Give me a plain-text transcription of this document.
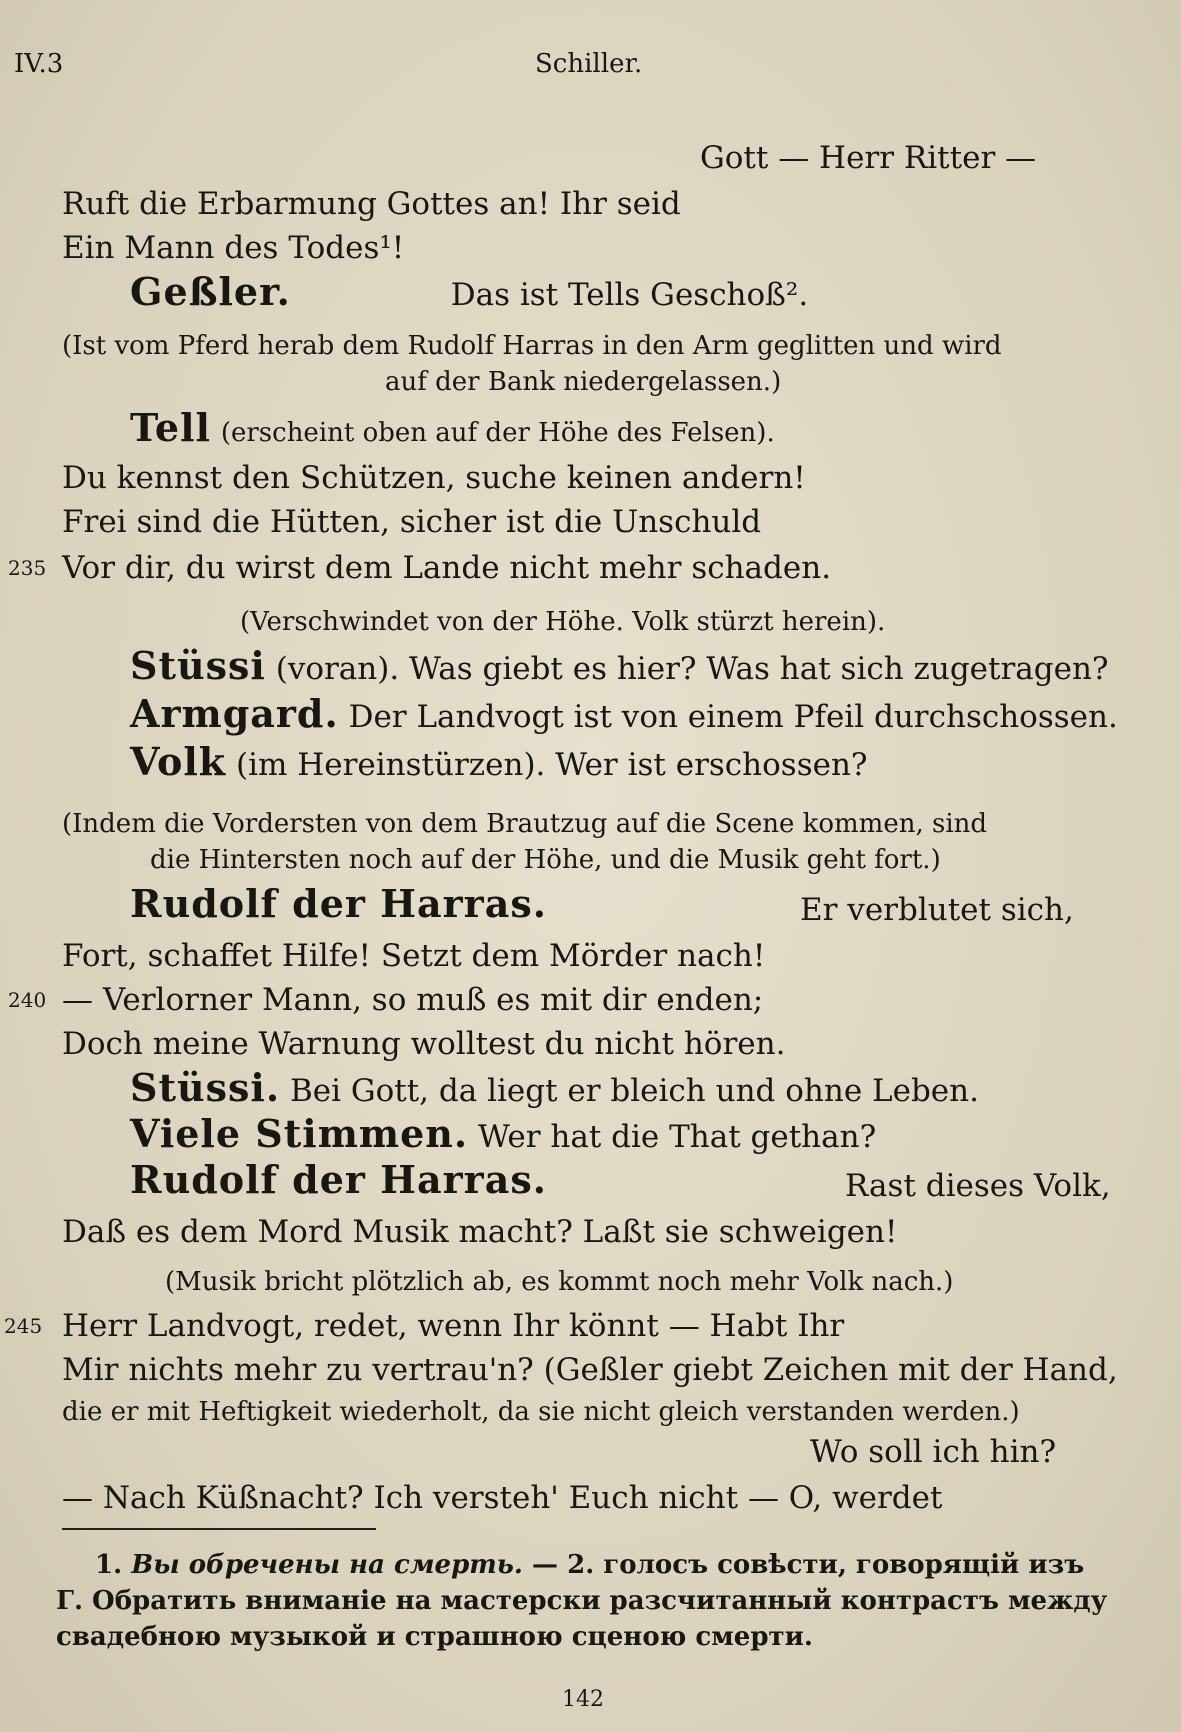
IV.3	Schiller.
Gott — Herr Ritter —
Ruft die Erbarmung Gottes an! Ihr seid
Ein Mann des Todes¹!
Geßler.	Das ist Tells Geschoß².
(Ist vom Pferd herab dem Rudolf Harras in den Arm geglitten und wird
auf der Bank niedergelassen.)
Tell (erscheint oben auf der Höhe des Felsen).
Du kennst den Schützen, suche keinen andern!
Frei sind die Hütten, sicher ist die Unschuld
235 Vor dir, du wirst dem Lande nicht mehr schaden.
(Verschwindet von der Höhe. Volk stürzt herein).
Stüssi (voran). Was giebt es hier? Was hat sich zugetragen?
Armgard. Der Landvogt ist von einem Pfeil durchschossen.
Volk (im Hereinstürzen). Wer ist erschossen?
(Indem die Vordersten von dem Brautzug auf die Scene kommen, sind
die Hintersten noch auf der Höhe, und die Musik geht fort.)
Rudolf der Harras.	Er verblutet sich,
Fort, schaffet Hilfe! Setzt dem Mörder nach!
240 — Verlorner Mann, so muß es mit dir enden;
Doch meine Warnung wolltest du nicht hören.
Stüssi. Bei Gott, da liegt er bleich und ohne Leben.
Viele Stimmen. Wer hat die That gethan?
Rudolf der Harras.	Rast dieses Volk,
Daß es dem Mord Musik macht? Laßt sie schweigen!
(Musik bricht plötzlich ab, es kommt noch mehr Volk nach.)
245 Herr Landvogt, redet, wenn Ihr könnt — Habt Ihr
Mir nichts mehr zu vertrau'n? (Geßler giebt Zeichen mit der Hand,
die er mit Heftigkeit wiederholt, da sie nicht gleich verstanden werden.)
Wo soll ich hin?
— Nach Küßnacht? Ich versteh' Euch nicht — O, werdet
1. Вы обречены на смерть. — 2. голосъ совѣсти, говорящій изъ
Г. Обратить вниманіе на мастерски разсчитанный контрастъ между
свадебною музыкой и страшною сценою смерти.
142
